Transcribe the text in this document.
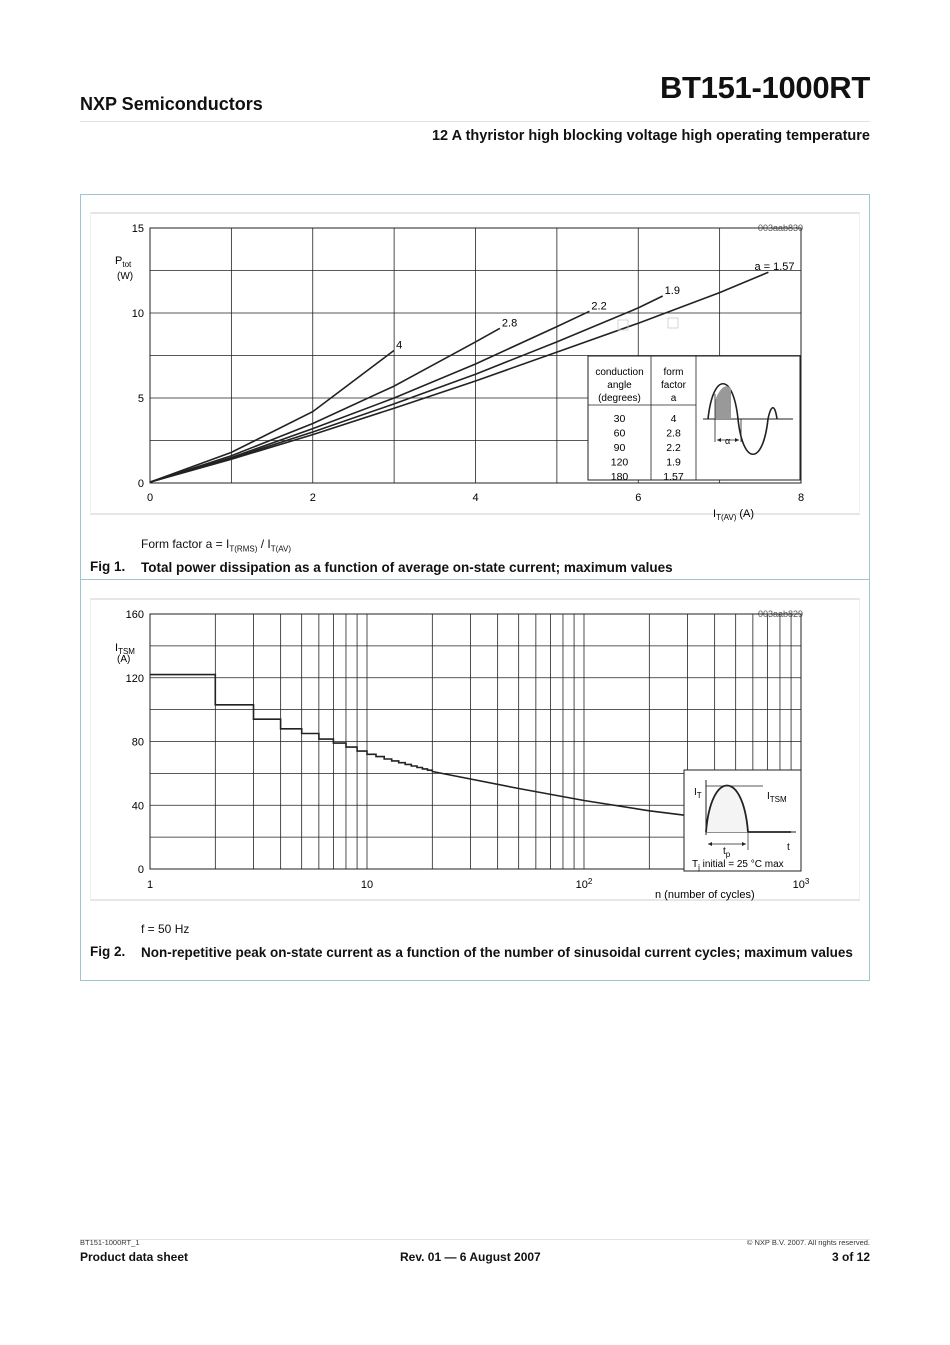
NXP Semiconductors	BT151-1000RT
12 A thyristor high blocking voltage high operating temperature
003aab830
0
5
10
15
0	2	4	6	8
$P_{tot}$
(W)
$I_{T(AV)}$ (A)
4
2.8
2.2
1.9
a = 1.57
conduction
angle
(degrees)
form
factor
a
30	4
60	2.8
90	2.2
120	1.9
180	1.57
α
Form factor $a = I_{T(RMS)} / I_{T(AV)}$
Fig 1. Total power dissipation as a function of average on-state current; maximum values
003aab829
0
40
80
120
160
1	10	$10^2$	$10^3$
$I_{TSM}$
(A)
n (number of cycles)
$I_T$	$I_{TSM}$
t
$t_p$
$T_j$ initial = 25 °C max
f = 50 Hz
Fig 2. Non-repetitive peak on-state current as a function of the number of sinusoidal current cycles; maximum values
BT151-1000RT_1	© NXP B.V. 2007. All rights reserved.
Product data sheet	Rev. 01 — 6 August 2007	3 of 12
